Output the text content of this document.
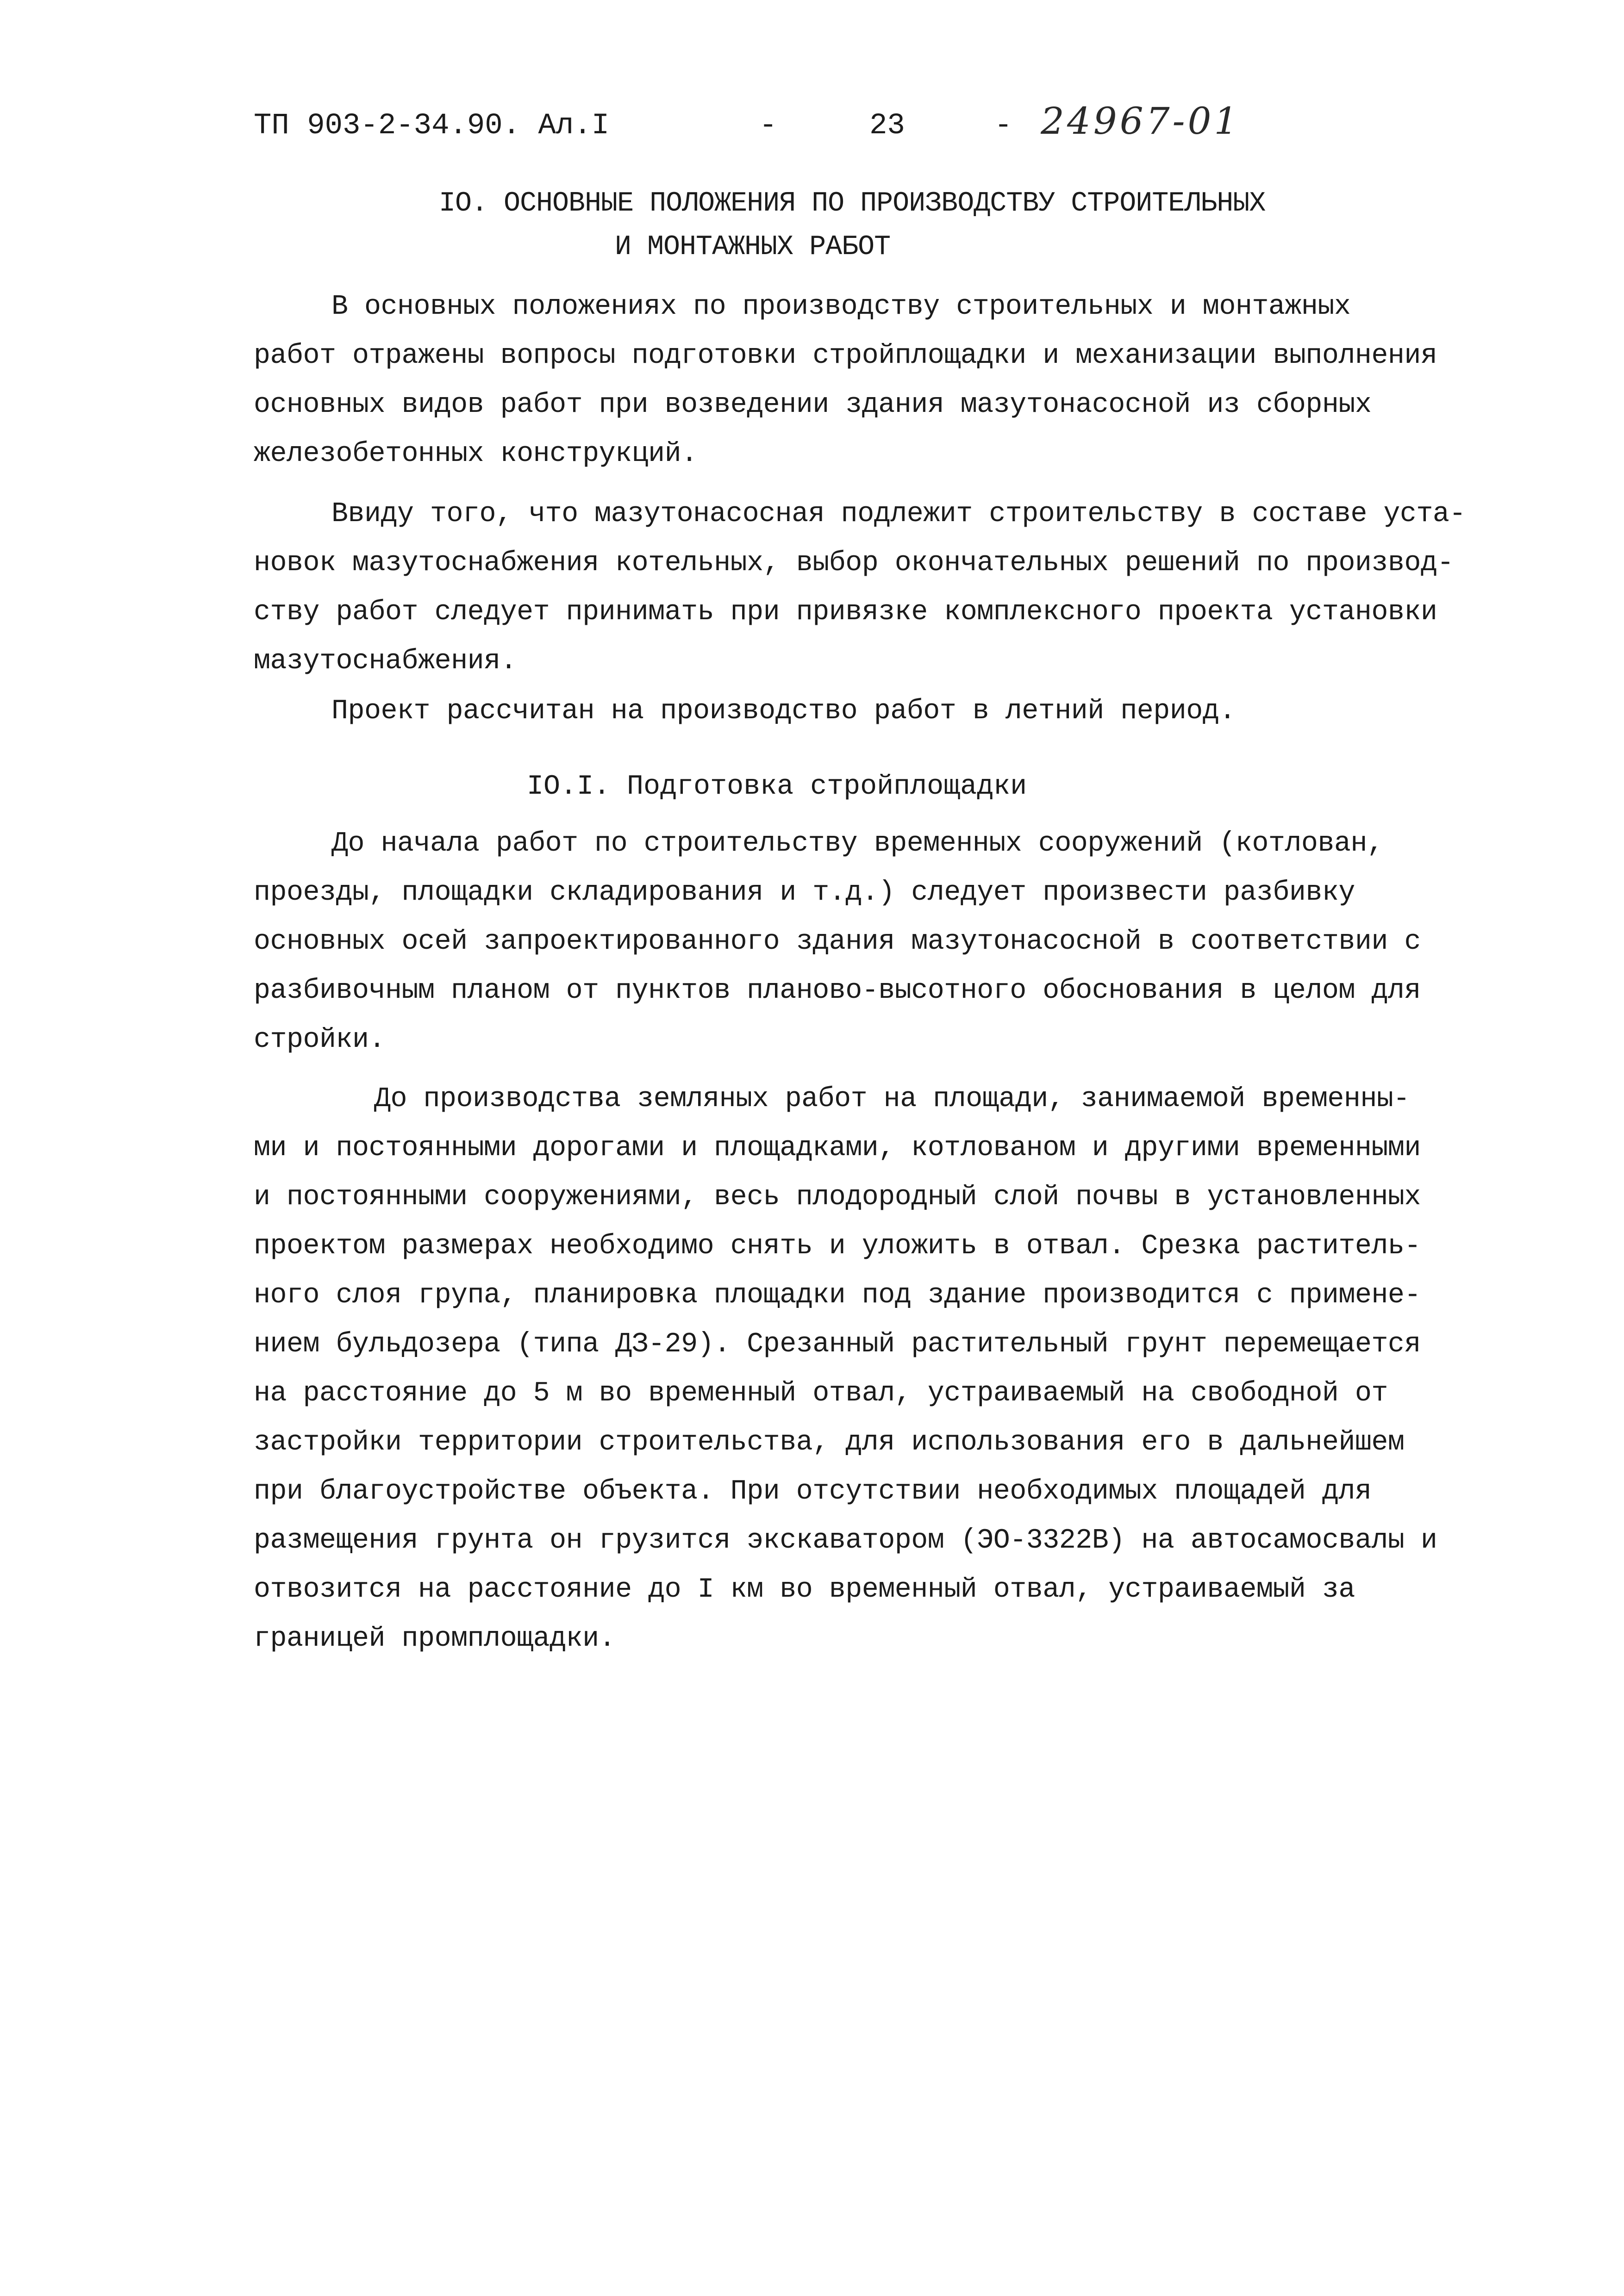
ТП 903-2-34.90. Ал.I	-	23	- 24967-01
IO. ОСНОВНЫЕ ПОЛОЖЕНИЯ ПО ПРОИЗВОДСТВУ СТРОИТЕЛЬНЫХ
И МОНТАЖНЫХ РАБОТ
В основных положениях по производству строительных и монтажных
работ отражены вопросы подготовки стройплощадки и механизации выполнения
основных видов работ при возведении здания мазутонасосной из сборных
железобетонных конструкций.
Ввиду того, что мазутонасосная подлежит строительству в составе уста-
новок мазутоснабжения котельных, выбор окончательных решений по производ-
ству работ следует принимать при привязке комплексного проекта установки
мазутоснабжения.
Проект рассчитан на производство работ в летний период.
IO.I. Подготовка стройплощадки
До начала работ по строительству временных сооружений (котлован,
проезды, площадки складирования и т.д.) следует произвести разбивку
основных осей запроектированного здания мазутонасосной в соответствии с
разбивочным планом от пунктов планово-высотного обоснования в целом для
стройки.
До производства земляных работ на площади, занимаемой временны-
ми и постоянными дорогами и площадками, котлованом и другими временными
и постоянными сооружениями, весь плодородный слой почвы в установленных
проектом размерах необходимо снять и уложить в отвал. Срезка раститель-
ного слоя група, планировка площадки под здание производится с примене-
нием бульдозера (типа ДЗ-29). Срезанный растительный грунт перемещается
на расстояние до 5 м во временный отвал, устраиваемый на свободной от
застройки территории строительства, для использования его в дальнейшем
при благоустройстве объекта. При отсутствии необходимых площадей для
размещения грунта он грузится экскаватором (ЭО-3322В) на автосамосвалы и
отвозится на расстояние до I км во временный отвал, устраиваемый за
границей промплощадки.
